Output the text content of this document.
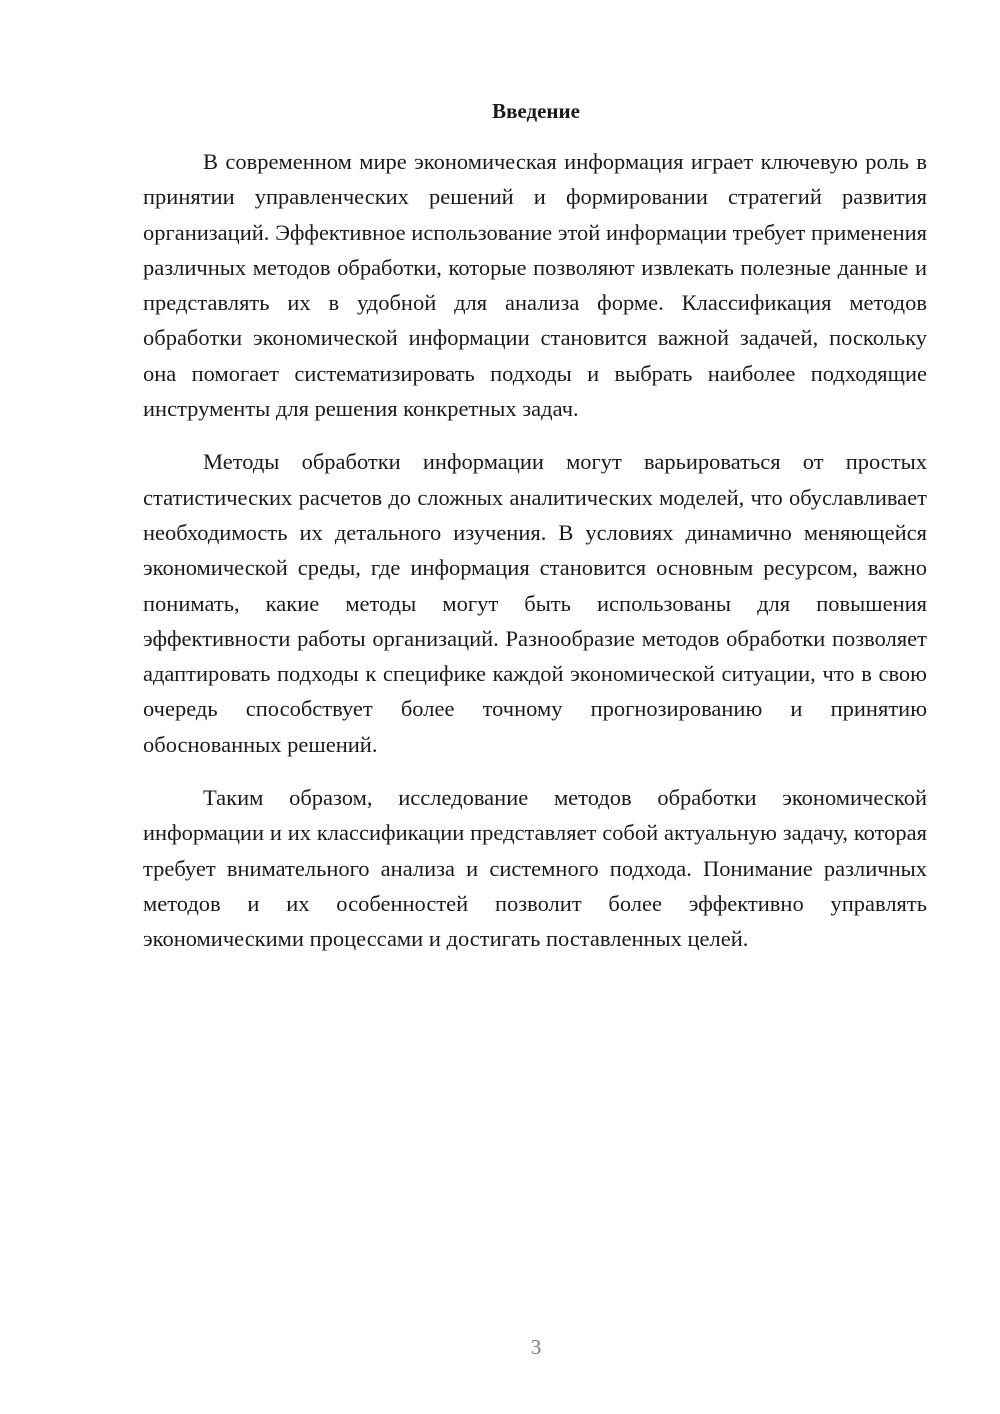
Введение

В современном мире экономическая информация играет ключевую роль в принятии управленческих решений и формировании стратегий развития организаций. Эффективное использование этой информации требует применения различных методов обработки, которые позволяют извлекать полезные данные и представлять их в удобной для анализа форме. Классификация методов обработки экономической информации становится важной задачей, поскольку она помогает систематизировать подходы и выбрать наиболее подходящие инструменты для решения конкретных задач.

Методы обработки информации могут варьироваться от простых статистических расчетов до сложных аналитических моделей, что обуславливает необходимость их детального изучения. В условиях динамично меняющейся экономической среды, где информация становится основным ресурсом, важно понимать, какие методы могут быть использованы для повышения эффективности работы организаций. Разнообразие методов обработки позволяет адаптировать подходы к специфике каждой экономической ситуации, что в свою очередь способствует более точному прогнозированию и принятию обоснованных решений.

Таким образом, исследование методов обработки экономической информации и их классификации представляет собой актуальную задачу, которая требует внимательного анализа и системного подхода. Понимание различных методов и их особенностей позволит более эффективно управлять экономическими процессами и достигать поставленных целей.

3
